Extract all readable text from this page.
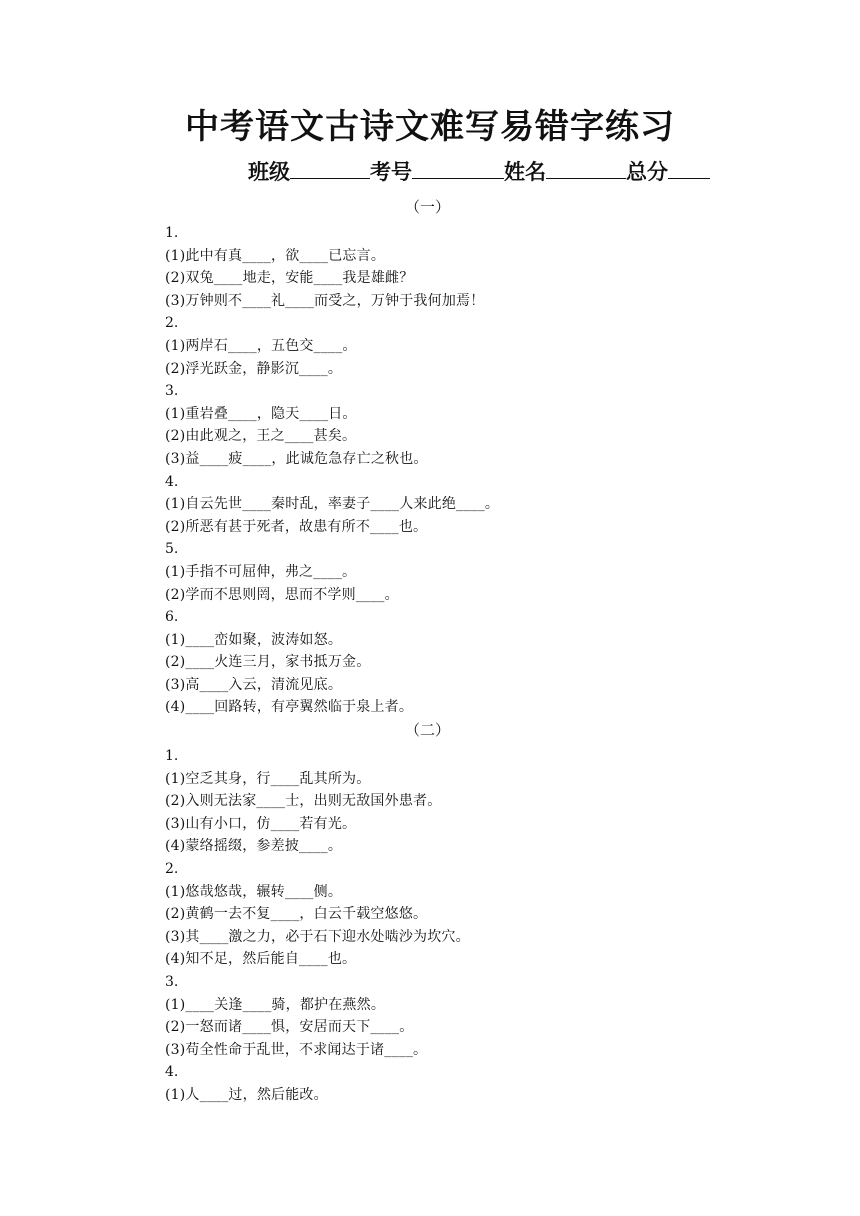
中考语文古诗文难写易错字练习
班级	考号	姓名	总分
（一）
1.
(1)此中有真____，欲____已忘言。
(2)双兔____地走，安能____我是雄雌？
(3)万钟则不____礼____而受之，万钟于我何加焉！
2.
(1)两岸石____，五色交____。
(2)浮光跃金，静影沉____。
3.
(1)重岩叠____，隐天____日。
(2)由此观之，王之____甚矣。
(3)益____疲____，此诚危急存亡之秋也。
4.
(1)自云先世____秦时乱，率妻子____人来此绝____。
(2)所恶有甚于死者，故患有所不____也。
5.
(1)手指不可屈伸，弗之____。
(2)学而不思则罔，思而不学则____。
6.
(1)____峦如聚，波涛如怒。
(2)____火连三月，家书抵万金。
(3)高____入云，清流见底。
(4)____回路转，有亭翼然临于泉上者。
（二）
1.
(1)空乏其身，行____乱其所为。
(2)入则无法家____士，出则无敌国外患者。
(3)山有小口，仿____若有光。
(4)蒙络摇缀，参差披____。
2.
(1)悠哉悠哉，辗转____侧。
(2)黄鹤一去不复____，白云千载空悠悠。
(3)其____激之力，必于石下迎水处啮沙为坎穴。
(4)知不足，然后能自____也。
3.
(1)____关逢____骑，都护在燕然。
(2)一怒而诸____惧，安居而天下____。
(3)苟全性命于乱世，不求闻达于诸____。
4.
(1)人____过，然后能改。
